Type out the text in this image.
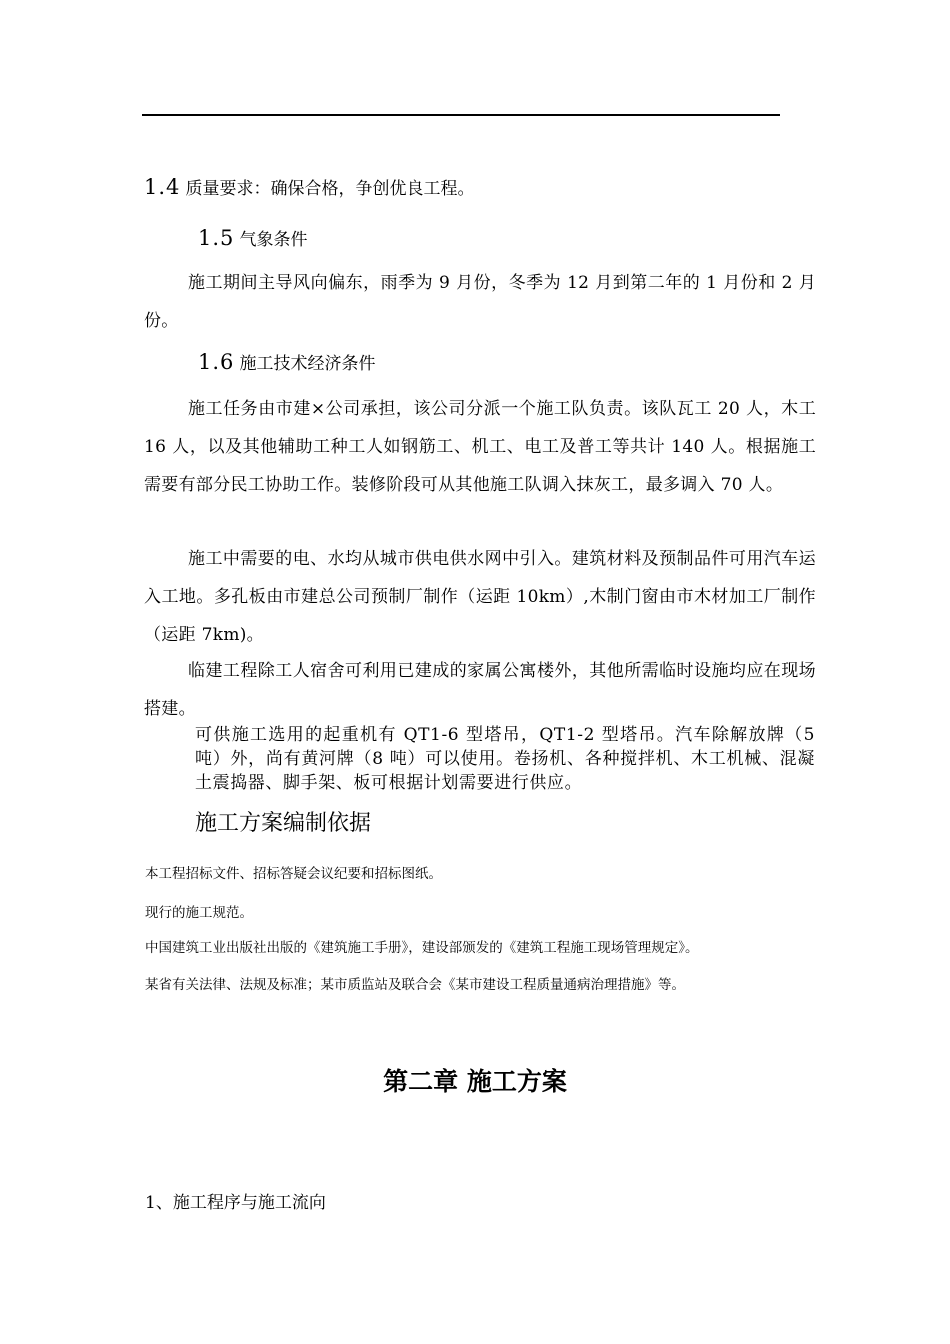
1.4 质量要求：确保合格，争创优良工程。
1.5 气象条件
施工期间主导风向偏东，雨季为 9 月份，冬季为 12 月到第二年的 1 月份和 2 月份。
1.6 施工技术经济条件
施工任务由市建×公司承担，该公司分派一个施工队负责。该队瓦工 20 人，木工 16 人，以及其他辅助工种工人如钢筋工、机工、电工及普工等共计 140 人。根据施工需要有部分民工协助工作。装修阶段可从其他施工队调入抹灰工，最多调入 70 人。
施工中需要的电、水均从城市供电供水网中引入。建筑材料及预制品件可用汽车运入工地。多孔板由市建总公司预制厂制作（运距 10km）,木制门窗由市木材加工厂制作（运距 7km)。
临建工程除工人宿舍可利用已建成的家属公寓楼外，其他所需临时设施均应在现场搭建。
可供施工选用的起重机有 QT1-6 型塔吊，QT1-2 型塔吊。汽车除解放牌（5 吨）外，尚有黄河牌（8 吨）可以使用。卷扬机、各种搅拌机、木工机械、混凝土震捣器、脚手架、板可根据计划需要进行供应。
施工方案编制依据
本工程招标文件、招标答疑会议纪要和招标图纸。
现行的施工规范。
中国建筑工业出版社出版的《建筑施工手册》，建设部颁发的《建筑工程施工现场管理规定》。
某省有关法律、法规及标准；某市质监站及联合会《某市建设工程质量通病治理措施》等。
第二章 施工方案
1、施工程序与施工流向
